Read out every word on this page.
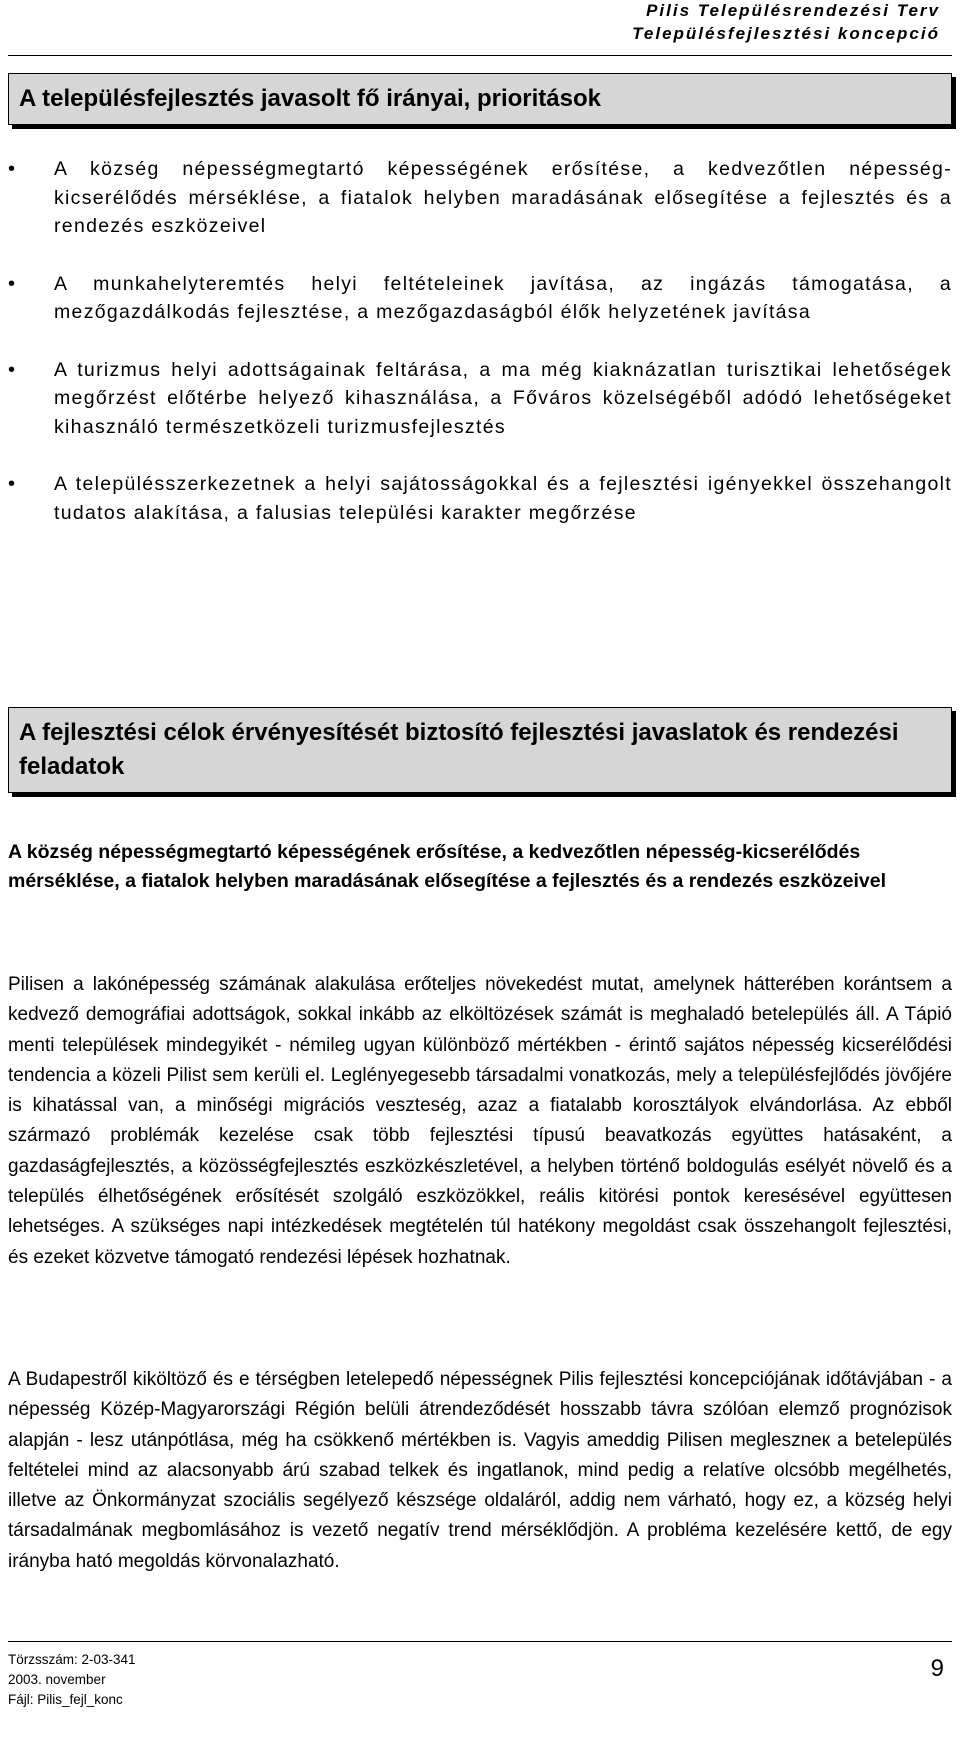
Pilis Településrendezési Terv
Településfejlesztési koncepció
A településfejlesztés javasolt fő irányai, prioritások
• A község népességmegtartó képességének erősítése, a kedvezőtlen népesség-kicserélődés mérséklése, a fiatalok helyben maradásának elősegítése a fejlesztés és a rendezés eszközeivel
• A munkahelyteremtés helyi feltételeinek javítása, az ingázás támogatása, a mezőgazdálkodás fejlesztése, a mezőgazdaságból élők helyzetének javítása
• A turizmus helyi adottságainak feltárása, a ma még kiaknázatlan turisztikai lehetőségek megőrzést előtérbe helyező kihasználása, a Főváros közelségéből adódó lehetőségeket kihasználó természetközeli turizmusfejlesztés
• A településszerkezetnek a helyi sajátosságokkal és a fejlesztési igényekkel összehangolt tudatos alakítása, a falusias települési karakter megőrzése
A fejlesztési célok érvényesítését biztosító fejlesztési javaslatok és rendezési feladatok
A község népességmegtartó képességének erősítése, a kedvezőtlen népesség-kicserélődés mérséklése, a fiatalok helyben maradásának elősegítése a fejlesztés és a rendezés eszközeivel
Pilisen a lakónépesség számának alakulása erőteljes növekedést mutat, amelynek hátterében korántsem a kedvező demográfiai adottságok, sokkal inkább az elköltözések számát is meghaladó betelepülés áll. A Tápió menti települések mindegyikét - némileg ugyan különböző mértékben - érintő sajátos népesség kicserélődési tendencia a közeli Pilist sem kerüli el. Leglényegesebb társadalmi vonatkozás, mely a településfejlődés jövőjére is kihatással van, a minőségi migrációs veszteség, azaz a fiatalabb korosztályok elvándorlása. Az ebből származó problémák kezelése csak több fejlesztési típusú beavatkozás együttes hatásaként, a gazdaságfejlesztés, a közösségfejlesztés eszközkészletével, a helyben történő boldogulás esélyét növelő és a település élhetőségének erősítését szolgáló eszközökkel, reális kitörési pontok keresésével együttesen lehetséges. A szükséges napi intézkedések megtételén túl hatékony megoldást csak összehangolt fejlesztési, és ezeket közvetve támogató rendezési lépések hozhatnak.
A Budapestről kiköltöző és e térségben letelepedő népességnek Pilis fejlesztési koncepciójának időtávjában - a népesség Közép-Magyarországi Régión belüli átrendeződését hosszabb távra szólóan elemző prognózisok alapján - lesz utánpótlása, még ha csökkenő mértékben is. Vagyis ameddig Pilisen megleszneк a betelepülés feltételei mind az alacsonyabb árú szabad telkek és ingatlanok, mind pedig a relatíve olcsóbb megélhetés, illetve az Önkormányzat szociális segélyező készsége oldaláról, addig nem várható, hogy ez, a község helyi társadalmának megbomlásához is vezető negatív trend mérséklődjön. A probléma kezelésére kettő, de egy irányba ható megoldás körvonalazható.
Törzsszám: 2-03-341
2003. november
Fájl: Pilis_fejl_konc
9
